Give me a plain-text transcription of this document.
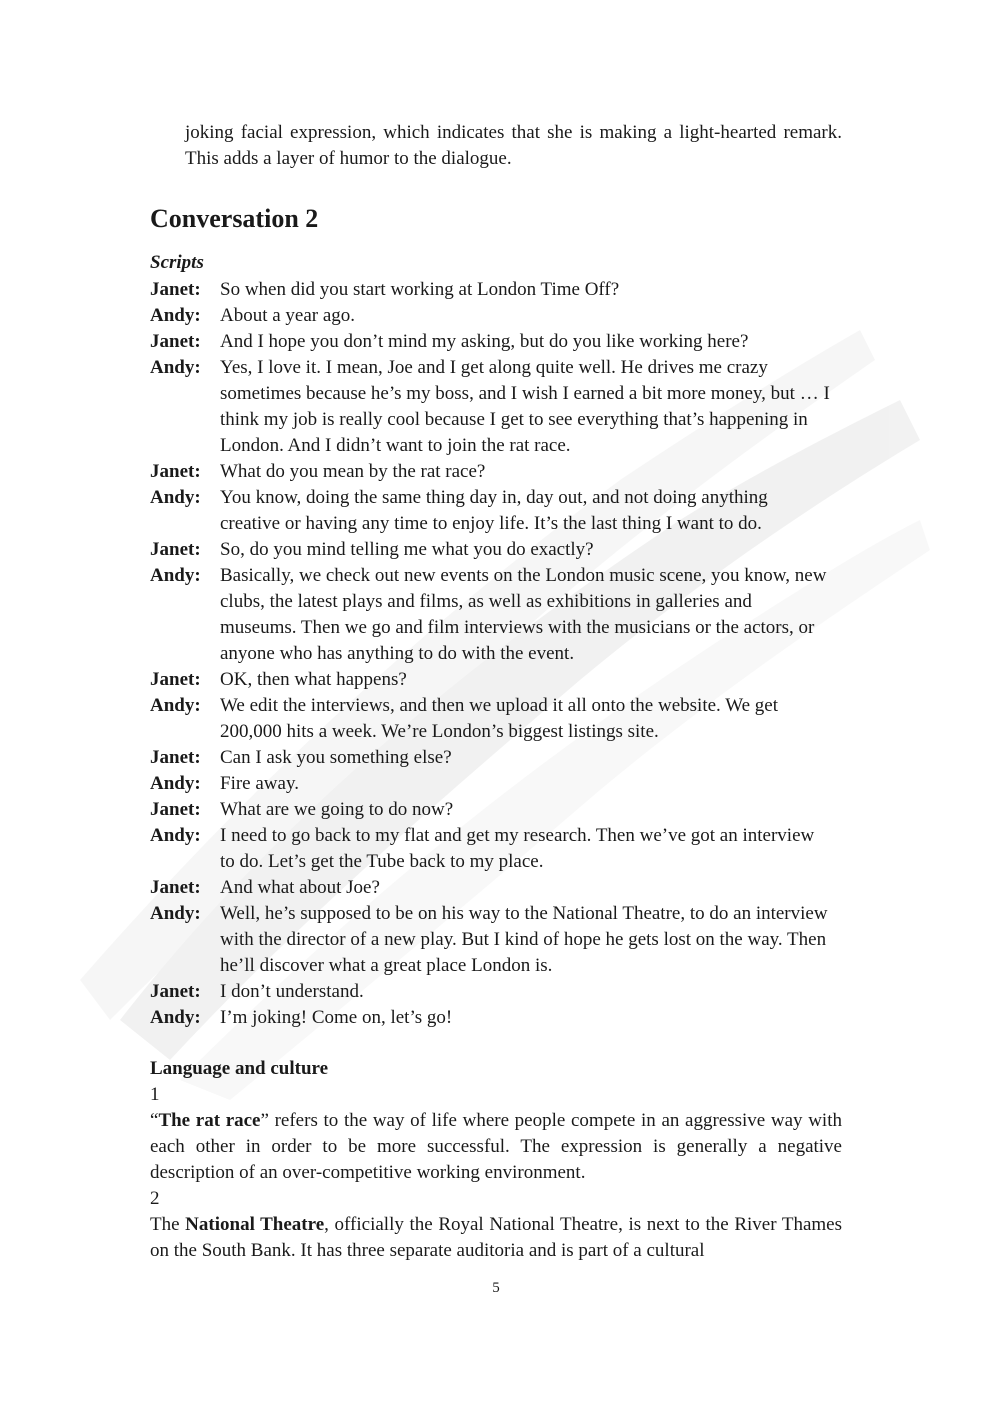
joking facial expression, which indicates that she is making a light-hearted remark. This adds a layer of humor to the dialogue.

Conversation 2
Scripts
Janet:	So when did you start working at London Time Off?
Andy:	About a year ago.
Janet:	And I hope you don’t mind my asking, but do you like working here?
Andy:	Yes, I love it. I mean, Joe and I get along quite well. He drives me crazy sometimes because he’s my boss, and I wish I earned a bit more money, but … I think my job is really cool because I get to see everything that’s happening in London. And I didn’t want to join the rat race.
Janet:	What do you mean by the rat race?
Andy:	You know, doing the same thing day in, day out, and not doing anything creative or having any time to enjoy life. It’s the last thing I want to do.
Janet:	So, do you mind telling me what you do exactly?
Andy:	Basically, we check out new events on the London music scene, you know, new clubs, the latest plays and films, as well as exhibitions in galleries and museums. Then we go and film interviews with the musicians or the actors, or anyone who has anything to do with the event.
Janet:	OK, then what happens?
Andy:	We edit the interviews, and then we upload it all onto the website. We get 200,000 hits a week. We’re London’s biggest listings site.
Janet:	Can I ask you something else?
Andy:	Fire away.
Janet:	What are we going to do now?
Andy:	I need to go back to my flat and get my research. Then we’ve got an interview to do. Let’s get the Tube back to my place.
Janet:	And what about Joe?
Andy:	Well, he’s supposed to be on his way to the National Theatre, to do an interview with the director of a new play. But I kind of hope he gets lost on the way. Then he’ll discover what a great place London is.
Janet:	I don’t understand.
Andy:	I’m joking! Come on, let’s go!
Language and culture
1

“The rat race” refers to the way of life where people compete in an aggressive way with each other in order to be more successful. The expression is generally a negative description of an over-competitive working environment.

2

The National Theatre, officially the Royal National Theatre, is next to the River Thames on the South Bank. It has three separate auditoria and is part of a cultural

5
